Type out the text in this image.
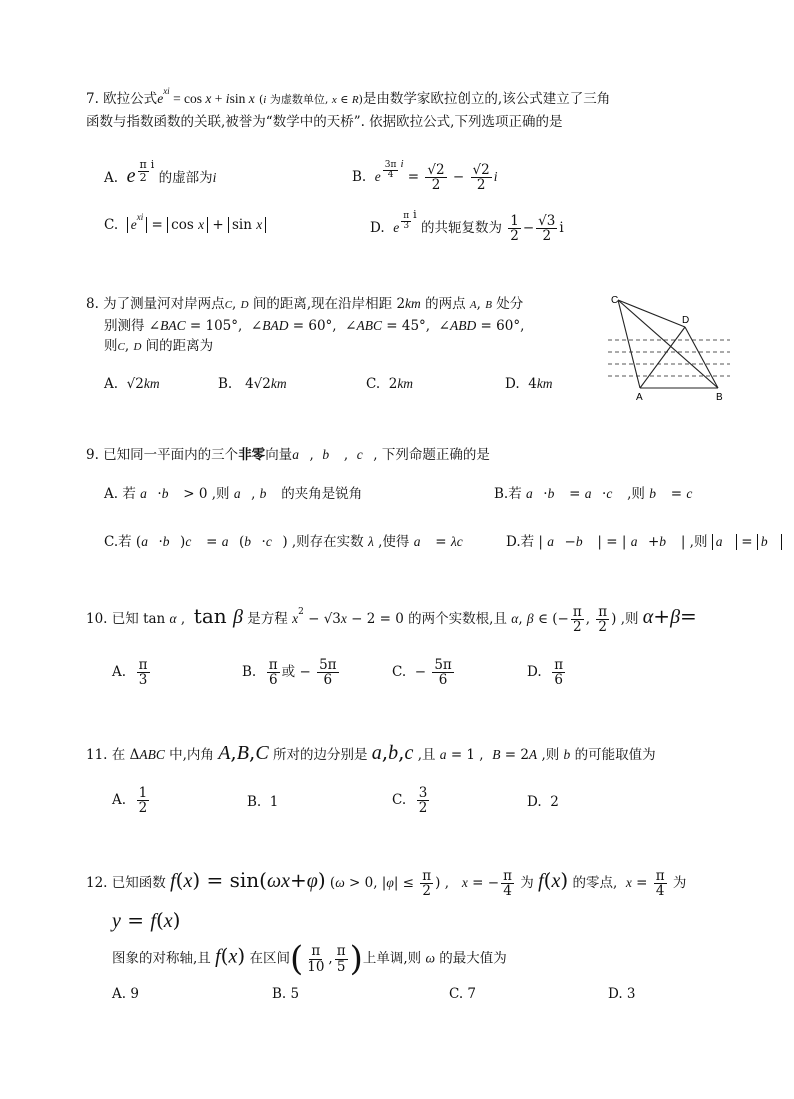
7. 欧拉公式$e^{xi} = \cos x + isin$ x (i 为虚数单位, x ∈ R)是由数学家欧拉创立的,该公式建立了三角
函数与指数函数的关联,被誉为“数学中的天桥”. 依据欧拉公式,下列选项正确的是
A.  e $\frac{\pi}{2} ^i$ 的虚部为i	B.  e $\frac{3\pi}{4} ^i = \frac{√2}{2} - \frac{√2}{2}$ i
C.  $e^{xi} = \cos x + \sin x$	D.  e $\frac{\pi}{3} ^i$ 的共轭复数为 $\frac{1}{2} - \frac{√3}{2}$ i
8. 为了测量河对岸两点C, D 间的距离,现在沿岸相距 2km 的两点 A, B 处分
别测得 ∠BAC = 105°,  ∠BAD = 60°,  ∠ABC = 45°,  ∠ABD = 60°,
则C, D 间的距离为
A.  √2km	B.   4√2km	C.  2km	D.  4km
C
D
A	B
9. 已知同一平面内的三个非零向量a⃗,  b⃗ ,  c⃗, 下列命题正确的是
A. 若 a⃗·b⃗ > 0 ,则 a⃗, b⃗ 的夹角是锐角	B.若 a⃗·b⃗ = a⃗·c⃗ ,则 b⃗ = c⃗
C.若 (a⃗·b⃗)c⃗ = a⃗(b⃗·c⃗) ,则存在实数 λ ,使得 a⃗ = λc⃗ D.若 | a⃗−b⃗ | = | a⃗+b⃗ | ,则 a⃗ = b⃗
10. 已知 tan α ,  tan β 是方程 $x^2 - √3x - 2 = 0$ 的两个实数根,且 α, β ∈ (− $\frac{\pi}{2}$ , $\frac{\pi}{2}$ ) ,则 α+β=
A. $\frac{\pi}{3}$	B. $\frac{\pi}{6}$ 或 − $\frac{5\pi}{6}$	C.  − $\frac{5\pi}{6}$	D. $\frac{\pi}{6}$
11. 在 ΔABC 中,内角 A,B,C 所对的边分别是 a,b,c ,且 a = 1 ,  B = 2A ,则 b 的可能取值为
A. $\frac{1}{2}$	B.  1	C. $\frac{3}{2}$	D.  2
12. 已知函数 f(x) = sin(ωx+φ) (ω > 0, $|\varphi| \le \frac{\pi}{2}$ ) ,   x = − $\frac{\pi}{4}$ 为 f(x) 的零点,  $x = \frac{\pi}{4}$ 为
y = f(x)
图象的对称轴,且 f(x) 在区间( $\frac{\pi}{10}$ , $\frac{\pi}{5}$ )上单调,则 ω 的最大值为
A. 9	B. 5	C. 7	D. 3
